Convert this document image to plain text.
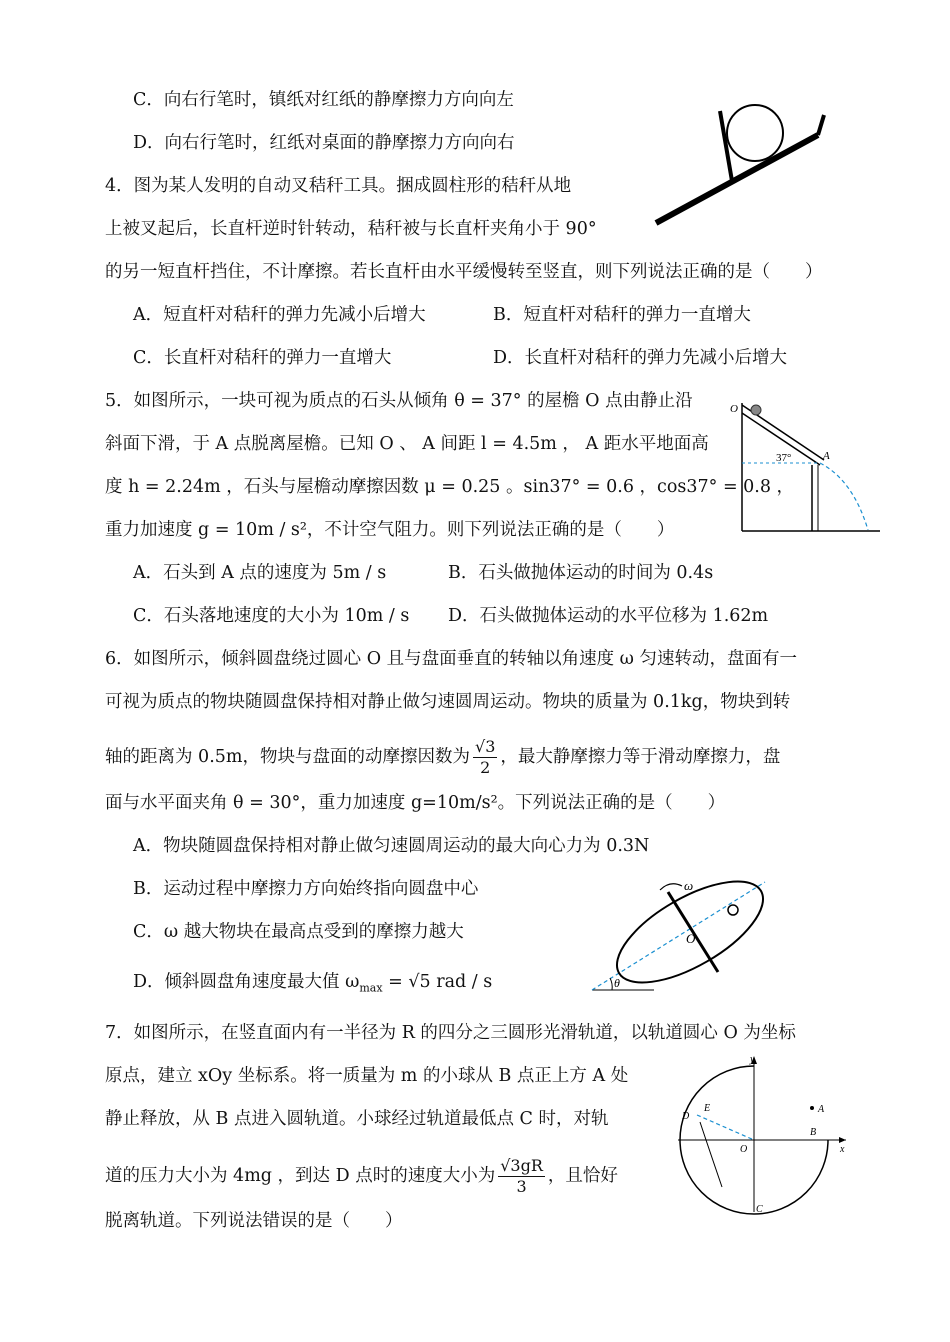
C．向右行笔时，镇纸对红纸的静摩擦力方向向左
D．向右行笔时，红纸对桌面的静摩擦力方向向右
4．图为某人发明的自动叉秸秆工具。捆成圆柱形的秸秆从地
上被叉起后，长直杆逆时针转动，秸秆被与长直杆夹角小于 90°
的另一短直杆挡住，不计摩擦。若长直杆由水平缓慢转至竖直，则下列说法正确的是（　　）
A．短直杆对秸秆的弹力先减小后增大	B．短直杆对秸秆的弹力一直增大
C．长直杆对秸秆的弹力一直增大	D．长直杆对秸秆的弹力先减小后增大
5．如图所示，一块可视为质点的石头从倾角 θ = 37° 的屋檐 O 点由静止沿
斜面下滑，于 A 点脱离屋檐。已知 O 、 A 间距 l = 4.5m ， A 距水平地面高
度 h = 2.24m ，石头与屋檐动摩擦因数 μ = 0.25 。sin37° = 0.6 ，cos37° = 0.8 ，
重力加速度 g = 10m / s²，不计空气阻力。则下列说法正确的是（　　）
A．石头到 A 点的速度为 5m / s	B．石头做抛体运动的时间为 0.4s
C．石头落地速度的大小为 10m / s D．石头做抛体运动的水平位移为 1.62m
O
A
37°
6．如图所示，倾斜圆盘绕过圆心 O 且与盘面垂直的转轴以角速度 ω 匀速转动，盘面有一
可视为质点的物块随圆盘保持相对静止做匀速圆周运动。物块的质量为 0.1kg，物块到转
轴的距离为 0.5m，物块与盘面的动摩擦因数为 $\frac{√3}{2}$ ，最大静摩擦力等于滑动摩擦力，盘
面与水平面夹角 θ = 30°，重力加速度 g=10m/s²。下列说法正确的是（　　）
A．物块随圆盘保持相对静止做匀速圆周运动的最大向心力为 0.3N
B．运动过程中摩擦力方向始终指向圆盘中心
C．ω 越大物块在最高点受到的摩擦力越大
D．倾斜圆盘角速度最大值 $\omega_{max} = √5$ rad / s
ω
O
θ
7．如图所示，在竖直面内有一半径为 R 的四分之三圆形光滑轨道，以轨道圆心 O 为坐标
原点，建立 xOy 坐标系。将一质量为 m 的小球从 B 点正上方 A 处
静止释放，从 B 点进入圆轨道。小球经过轨道最低点 C 时，对轨
道的压力大小为 4mg ，到达 D 点时的速度大小为 $\frac{√3gR}{3}$ ，且恰好
脱离轨道。下列说法错误的是（　　）
y
x
O
A
B
C
D
E
